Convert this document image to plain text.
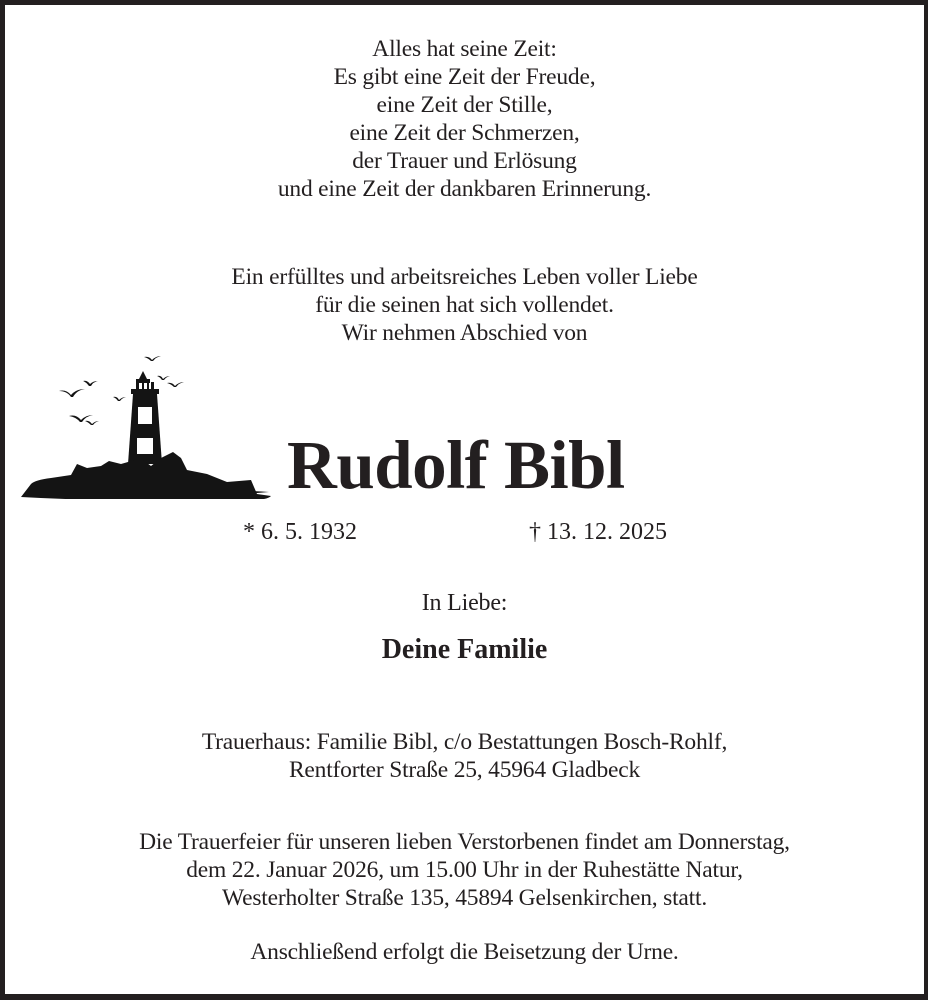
Alles hat seine Zeit:
Es gibt eine Zeit der Freude,
eine Zeit der Stille,
eine Zeit der Schmerzen,
der Trauer und Erlösung
und eine Zeit der dankbaren Erinnerung.
Ein erfülltes und arbeitsreiches Leben voller Liebe
für die seinen hat sich vollendet.
Wir nehmen Abschied von
Rudolf Bibl
* 6. 5. 1932	† 13. 12. 2025
In Liebe:
Deine Familie
Trauerhaus: Familie Bibl, c/o Bestattungen Bosch-Rohlf,
Rentforter Straße 25, 45964 Gladbeck
Die Trauerfeier für unseren lieben Verstorbenen findet am Donnerstag,
dem 22. Januar 2026, um 15.00 Uhr in der Ruhestätte Natur,
Westerholter Straße 135, 45894 Gelsenkirchen, statt.
Anschließend erfolgt die Beisetzung der Urne.
